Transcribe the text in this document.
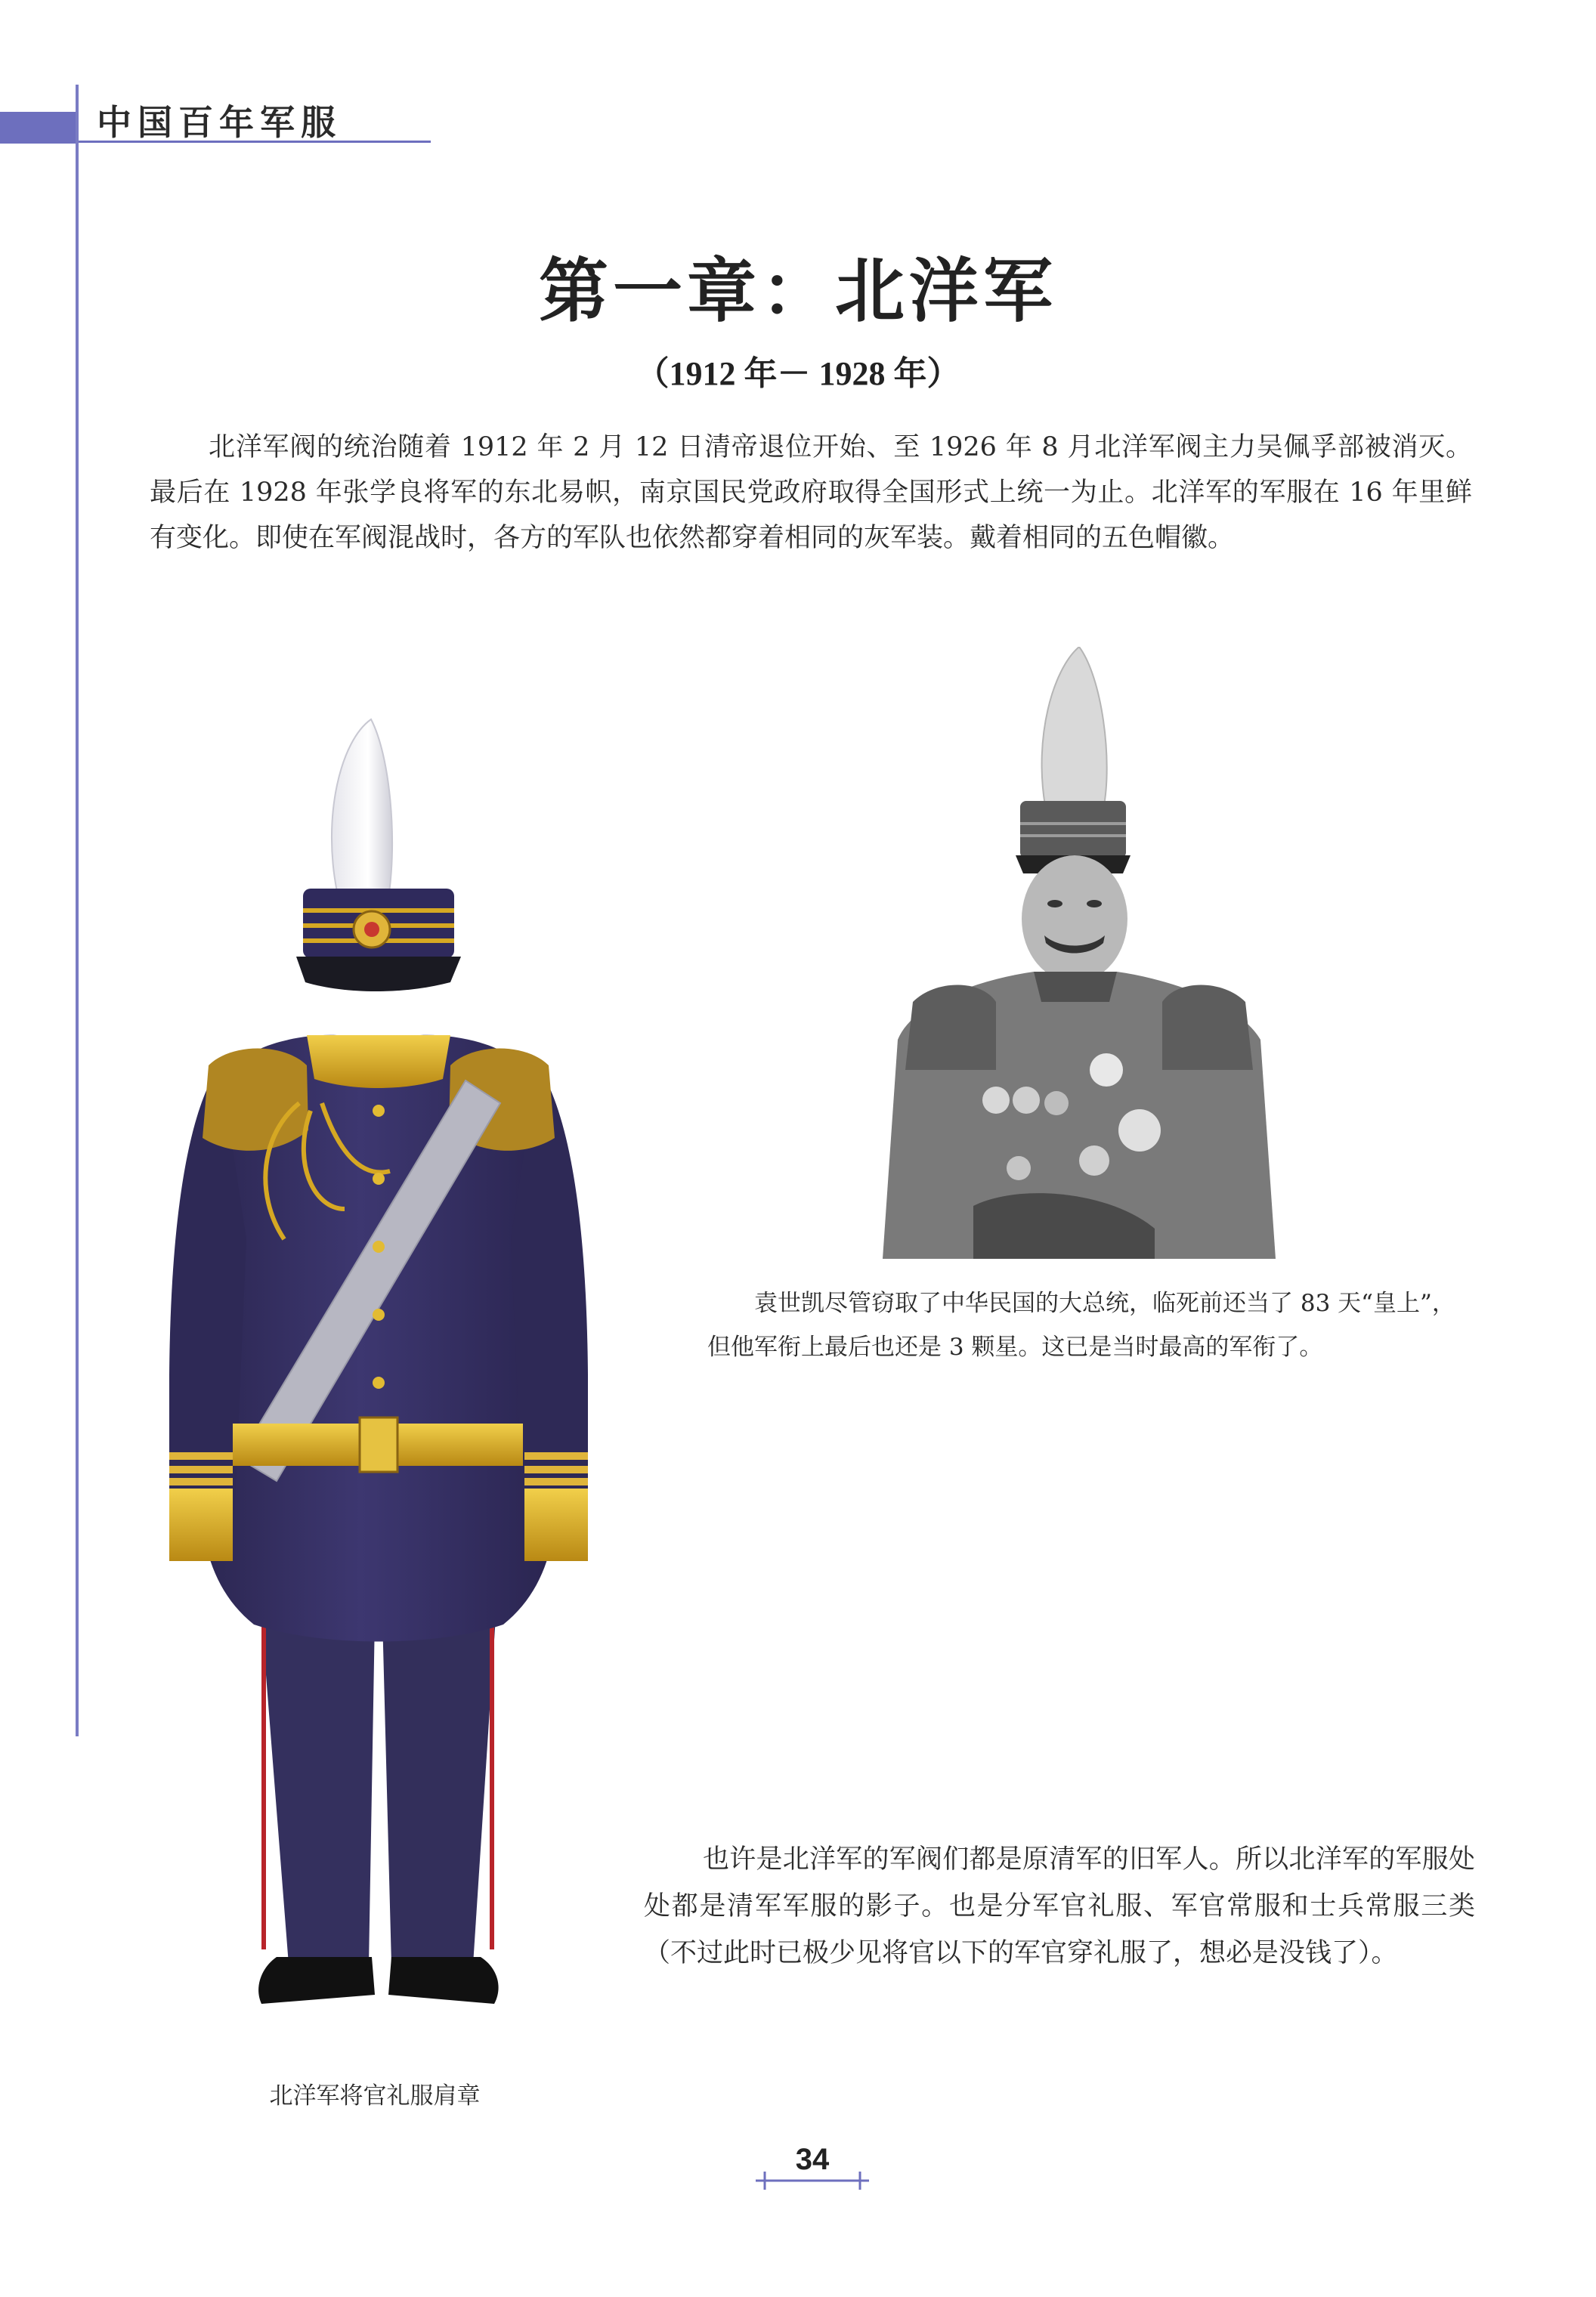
中国百年军服
第一章：北洋军
（1912 年－ 1928 年）
北洋军阀的统治随着 1912 年 2 月 12 日清帝退位开始、至 1926 年 8 月北洋军阀主力吴佩孚部被消灭。最后在 1928 年张学良将军的东北易帜，南京国民党政府取得全国形式上统一为止。北洋军的军服在 16 年里鲜有变化。即使在军阀混战时，各方的军队也依然都穿着相同的灰军装。戴着相同的五色帽徽。
袁世凯尽管窃取了中华民国的大总统，临死前还当了 83 天“皇上”，但他军衔上最后也还是 3 颗星。这已是当时最高的军衔了。
也许是北洋军的军阀们都是原清军的旧军人。所以北洋军的军服处处都是清军军服的影子。也是分军官礼服、军官常服和士兵常服三类（不过此时已极少见将官以下的军官穿礼服了，想必是没钱了）。
北洋军将官礼服肩章
34
